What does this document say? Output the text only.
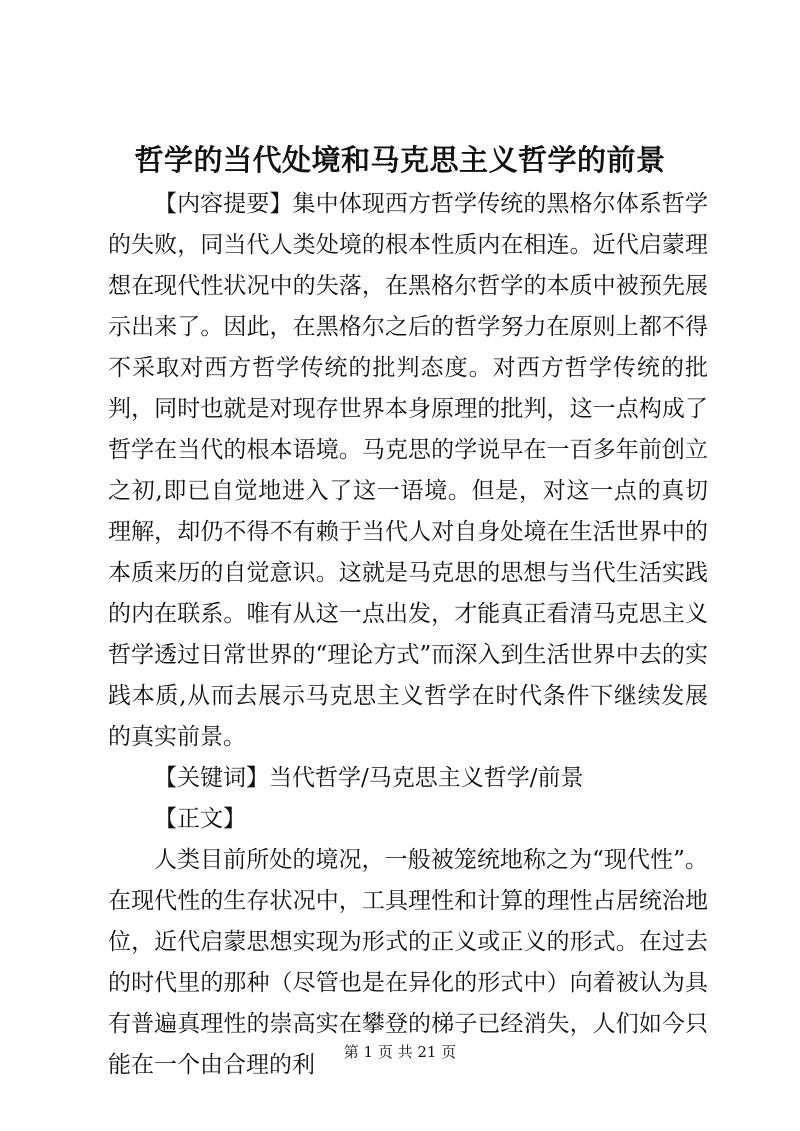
哲学的当代处境和马克思主义哲学的前景

【内容提要】集中体现西方哲学传统的黑格尔体系哲学的失败，同当代人类处境的根本性质内在相连。近代启蒙理想在现代性状况中的失落，在黑格尔哲学的本质中被预先展示出来了。因此，在黑格尔之后的哲学努力在原则上都不得不采取对西方哲学传统的批判态度。对西方哲学传统的批判，同时也就是对现存世界本身原理的批判，这一点构成了哲学在当代的根本语境。马克思的学说早在一百多年前创立之初,即已自觉地进入了这一语境。但是，对这一点的真切理解，却仍不得不有赖于当代人对自身处境在生活世界中的本质来历的自觉意识。这就是马克思的思想与当代生活实践的内在联系。唯有从这一点出发，才能真正看清马克思主义哲学透过日常世界的“理论方式”而深入到生活世界中去的实践本质,从而去展示马克思主义哲学在时代条件下继续发展的真实前景。

【关键词】当代哲学/马克思主义哲学/前景

【正文】

人类目前所处的境况，一般被笼统地称之为“现代性”。在现代性的生存状况中，工具理性和计算的理性占居统治地位，近代启蒙思想实现为形式的正义或正义的形式。在过去的时代里的那种（尽管也是在异化的形式中）向着被认为具有普遍真理性的崇高实在攀登的梯子已经消失，人们如今只能在一个由合理的利	第 1 页 共 21 页
